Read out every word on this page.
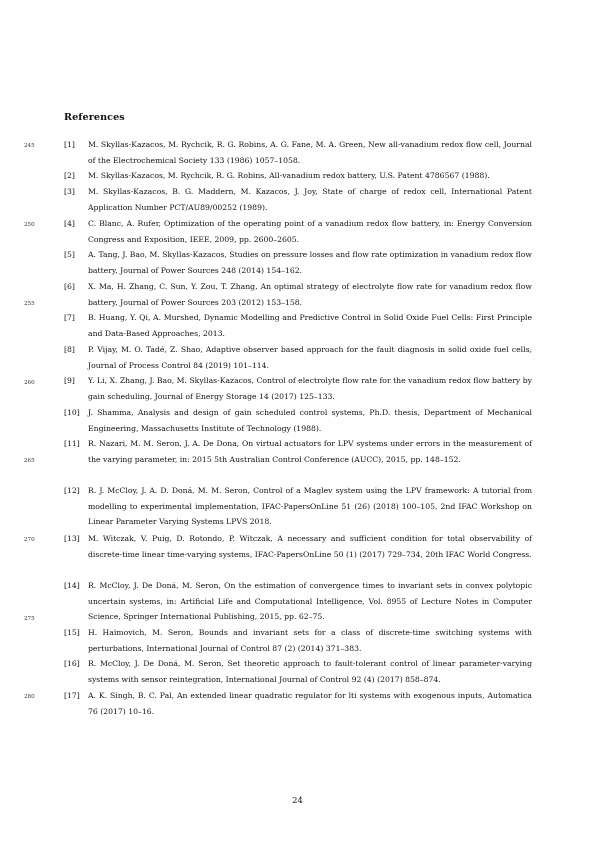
References
245
250
255
260
265
270
275
280
[1]	M. Skyllas-Kazacos, M. Rychcik, R. G. Robins, A. G. Fane, M. A. Green, New all-vanadium redox flow cell, Journal of the Electrochemical Society 133 (1986) 1057–1058.
[2]	M. Skyllas-Kazacos, M. Rychcik, R. G. Robins, All-vanadium redox battery, U.S. Patent 4786567 (1988).
[3]	M. Skyllas-Kazacos, B. G. Maddern, M. Kazacos, J. Joy, State of charge of redox cell, International Patent Application Number PCT/AU89/00252 (1989).
[4]	C. Blanc, A. Rufer, Optimization of the operating point of a vanadium redox flow battery, in: Energy Conversion Congress and Exposition, IEEE, 2009, pp. 2600–2605.
[5]	A. Tang, J. Bao, M. Skyllas-Kazacos, Studies on pressure losses and flow rate optimization in vanadium redox flow battery, Journal of Power Sources 248 (2014) 154–162.
[6]	X. Ma, H. Zhang, C. Sun, Y. Zou, T. Zhang, An optimal strategy of electrolyte flow rate for vanadium redox flow battery, Journal of Power Sources 203 (2012) 153–158.
[7]	B. Huang, Y. Qi, A. Murshed, Dynamic Modelling and Predictive Control in Solid Oxide Fuel Cells: First Principle and Data-Based Approaches, 2013.
[8]	P. Vijay, M. O. Tadé, Z. Shao, Adaptive observer based approach for the fault diagnosis in solid oxide fuel cells, Journal of Process Control 84 (2019) 101–114.
[9]	Y. Li, X. Zhang, J. Bao, M. Skyllas-Kazacos, Control of electrolyte flow rate for the vanadium redox flow battery by gain scheduling, Journal of Energy Storage 14 (2017) 125–133.
[10]	J. Shamma, Analysis and design of gain scheduled control systems, Ph.D. thesis, Department of Mechanical Engineering, Massachusetts Institute of Technology (1988).
[11]	R. Nazari, M. M. Seron, J. A. De Dona, On virtual actuators for LPV systems under errors in the measurement of the varying parameter, in: 2015 5th Australian Control Conference (AUCC), 2015, pp. 148–152.
[12]	R. J. McCloy, J. A. D. Doná, M. M. Seron, Control of a Maglev system using the LPV framework: A tutorial from modelling to experimental implementation, IFAC-PapersOnLine 51 (26) (2018) 100–105, 2nd IFAC Workshop on Linear Parameter Varying Systems LPVS 2018.
[13]	M. Witczak, V. Puig, D. Rotondo, P. Witczak, A necessary and sufficient condition for total observability of discrete-time linear time-varying systems, IFAC-PapersOnLine 50 (1) (2017) 729–734, 20th IFAC World Congress.
[14]	R. McCloy, J. De Doná, M. Seron, On the estimation of convergence times to invariant sets in convex polytopic uncertain systems, in: Artificial Life and Computational Intelligence, Vol. 8955 of Lecture Notes in Computer Science, Springer International Publishing, 2015, pp. 62–75.
[15]	H. Haimovich, M. Seron, Bounds and invariant sets for a class of discrete-time switching systems with perturbations, International Journal of Control 87 (2) (2014) 371–383.
[16]	R. McCloy, J. De Doná, M. Seron, Set theoretic approach to fault-tolerant control of linear parameter-varying systems with sensor reintegration, International Journal of Control 92 (4) (2017) 858–874.
[17]	A. K. Singh, B. C. Pal, An extended linear quadratic regulator for lti systems with exogenous inputs, Automatica 76 (2017) 10–16.
24
